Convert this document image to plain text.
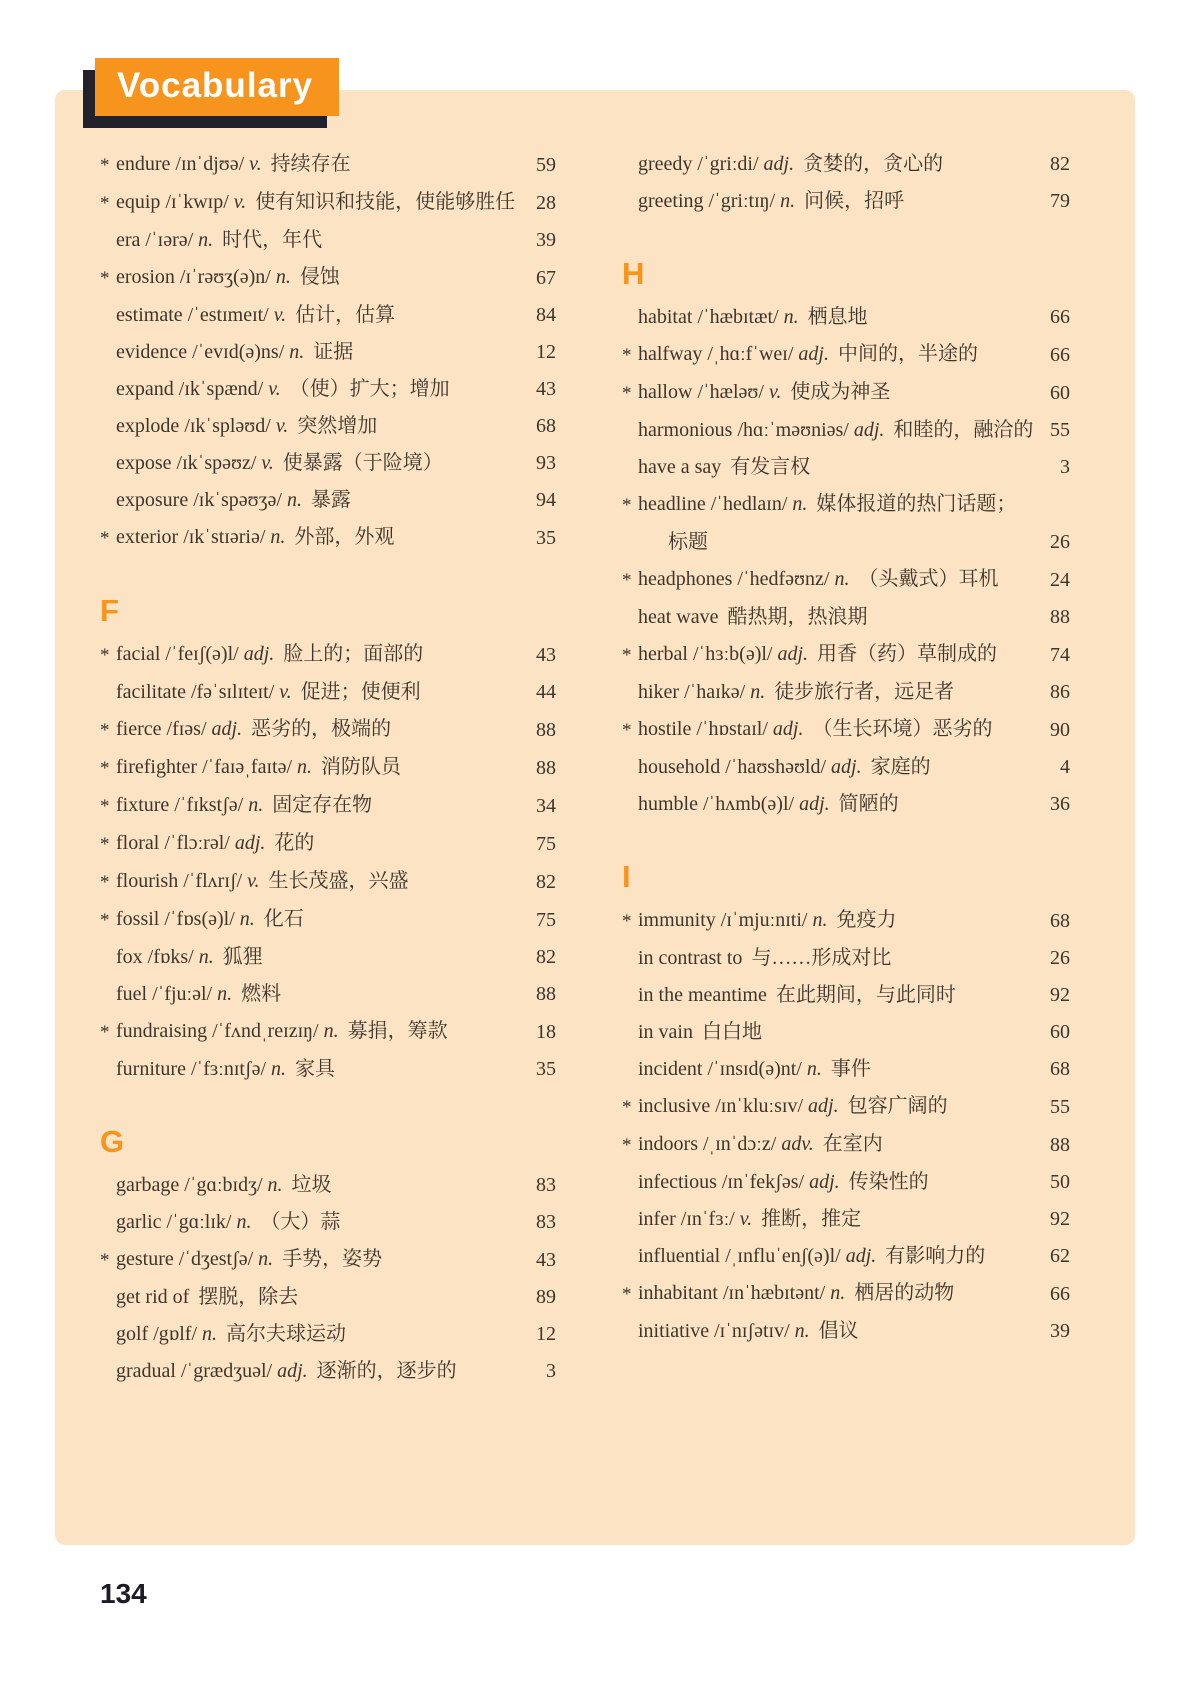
Vocabulary
* endure /ɪnˈdjʊə/ v. 持续存在	59
* equip /ɪˈkwɪp/ v. 使有知识和技能，使能够胜任	28
era /ˈɪərə/ n. 时代，年代	39
* erosion /ɪˈrəʊʒ(ə)n/ n. 侵蚀	67
estimate /ˈestɪmeɪt/ v. 估计，估算	84
evidence /ˈevɪd(ə)ns/ n. 证据	12
expand /ɪkˈspænd/ v. （使）扩大；增加	43
explode /ɪkˈspləʊd/ v. 突然增加	68
expose /ɪkˈspəʊz/ v. 使暴露（于险境）	93
exposure /ɪkˈspəʊʒə/ n. 暴露	94
* exterior /ɪkˈstɪəriə/ n. 外部，外观	35
F
* facial /ˈfeɪʃ(ə)l/ adj. 脸上的；面部的	43
facilitate /fəˈsɪlɪteɪt/ v. 促进；使便利	44
* fierce /fɪəs/ adj. 恶劣的，极端的	88
* firefighter /ˈfaɪəˌfaɪtə/ n. 消防队员	88
* fixture /ˈfɪkstʃə/ n. 固定存在物	34
* floral /ˈflɔːrəl/ adj. 花的	75
* flourish /ˈflʌrɪʃ/ v. 生长茂盛，兴盛	82
* fossil /ˈfɒs(ə)l/ n. 化石	75
fox /fɒks/ n. 狐狸	82
fuel /ˈfjuːəl/ n. 燃料	88
* fundraising /ˈfʌndˌreɪzɪŋ/ n. 募捐，筹款	18
furniture /ˈfɜːnɪtʃə/ n. 家具	35
G
garbage /ˈgɑːbɪdʒ/ n. 垃圾	83
garlic /ˈgɑːlɪk/ n. （大）蒜	83
* gesture /ˈdʒestʃə/ n. 手势，姿势	43
get rid of 摆脱，除去	89
golf /gɒlf/ n. 高尔夫球运动	12
gradual /ˈgrædʒuəl/ adj. 逐渐的，逐步的	3
greedy /ˈgriːdi/ adj. 贪婪的，贪心的	82
greeting /ˈgriːtɪŋ/ n. 问候，招呼	79
H
habitat /ˈhæbɪtæt/ n. 栖息地	66
* halfway /ˌhɑːfˈweɪ/ adj. 中间的，半途的	66
* hallow /ˈhæləʊ/ v. 使成为神圣	60
harmonious /hɑːˈməʊniəs/ adj. 和睦的，融洽的 55
have a say 有发言权	3
* headline /ˈhedlaɪn/ n. 媒体报道的热门话题；
标题	26
* headphones /ˈhedfəʊnz/ n. （头戴式）耳机	24
heat wave 酷热期，热浪期	88
* herbal /ˈhɜːb(ə)l/ adj. 用香（药）草制成的	74
hiker /ˈhaɪkə/ n. 徒步旅行者，远足者	86
* hostile /ˈhɒstaɪl/ adj. （生长环境）恶劣的	90
household /ˈhaʊshəʊld/ adj. 家庭的	4
humble /ˈhʌmb(ə)l/ adj. 简陋的	36
I
* immunity /ɪˈmjuːnɪti/ n. 免疫力	68
in contrast to 与……形成对比	26
in the meantime 在此期间，与此同时	92
in vain 白白地	60
incident /ˈɪnsɪd(ə)nt/ n. 事件	68
* inclusive /ɪnˈkluːsɪv/ adj. 包容广阔的	55
* indoors /ˌɪnˈdɔːz/ adv. 在室内	88
infectious /ɪnˈfekʃəs/ adj. 传染性的	50
infer /ɪnˈfɜː/ v. 推断，推定	92
influential /ˌɪnfluˈenʃ(ə)l/ adj. 有影响力的	62
* inhabitant /ɪnˈhæbɪtənt/ n. 栖居的动物	66
initiative /ɪˈnɪʃətɪv/ n. 倡议	39
134
